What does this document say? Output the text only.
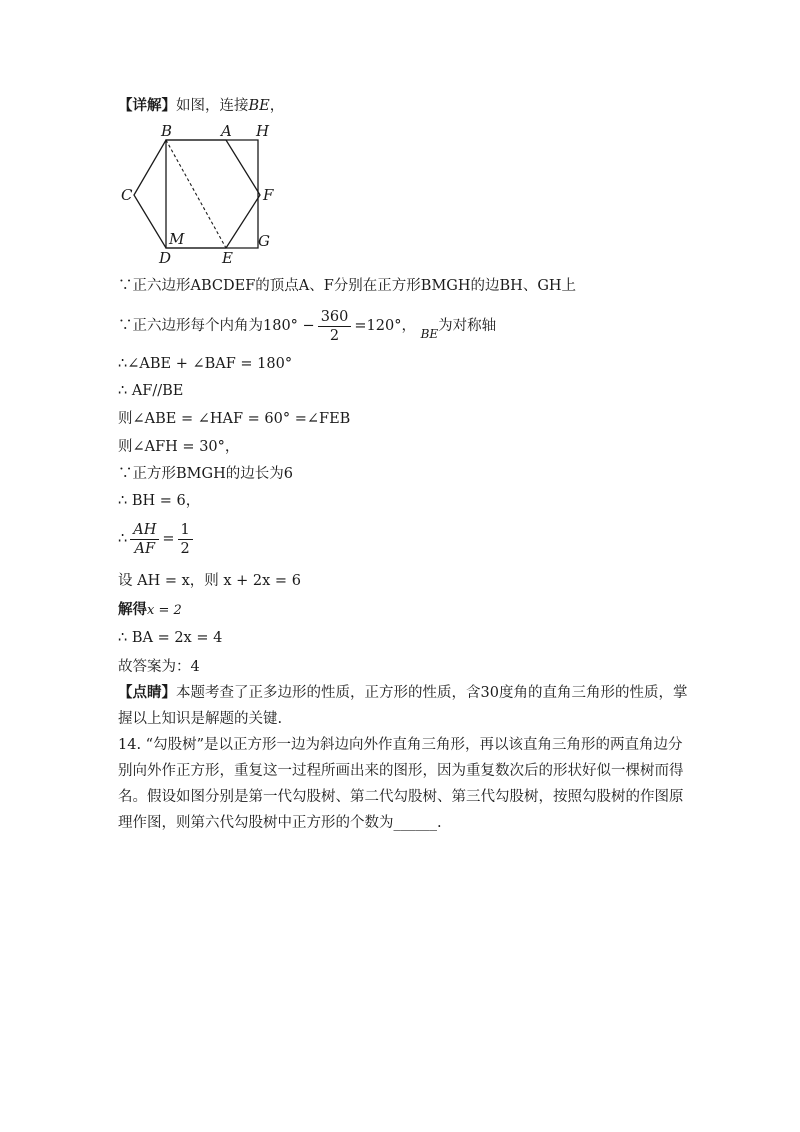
【详解】如图，连接BE，
B	A H
C	F
M	G
D	E
∵正六边形ABCDEF的顶点A、F分别在正方形BMGH的边BH、GH上
∵正六边形每个内角为$180^\circ - \frac{360}{2} =120^\circ$， $_{BE}$为对称轴
∴∠ABE + ∠BAF = 180°
∴ AF//BE
则∠ABE = ∠HAF = 60° =∠FEB
则∠AFH = 30°，
∵正方形BMGH的边长为6
∴ BH = 6，
∴ $\frac{AH}{AF} = \frac{1}{2}$
设 AH = x，则 x + 2x = 6
解得x = 2
∴ BA = 2x = 4
故答案为：4
【点睛】本题考查了正多边形的性质，正方形的性质，含30度角的直角三角形的性质，掌握以上知识是解题的关键.
14. “勾股树”是以正方形一边为斜边向外作直角三角形，再以该直角三角形的两直角边分别向外作正方形，重复这一过程所画出来的图形，因为重复数次后的形状好似一棵树而得名。假设如图分别是第一代勾股树、第二代勾股树、第三代勾股树，按照勾股树的作图原理作图，则第六代勾股树中正方形的个数为______.
